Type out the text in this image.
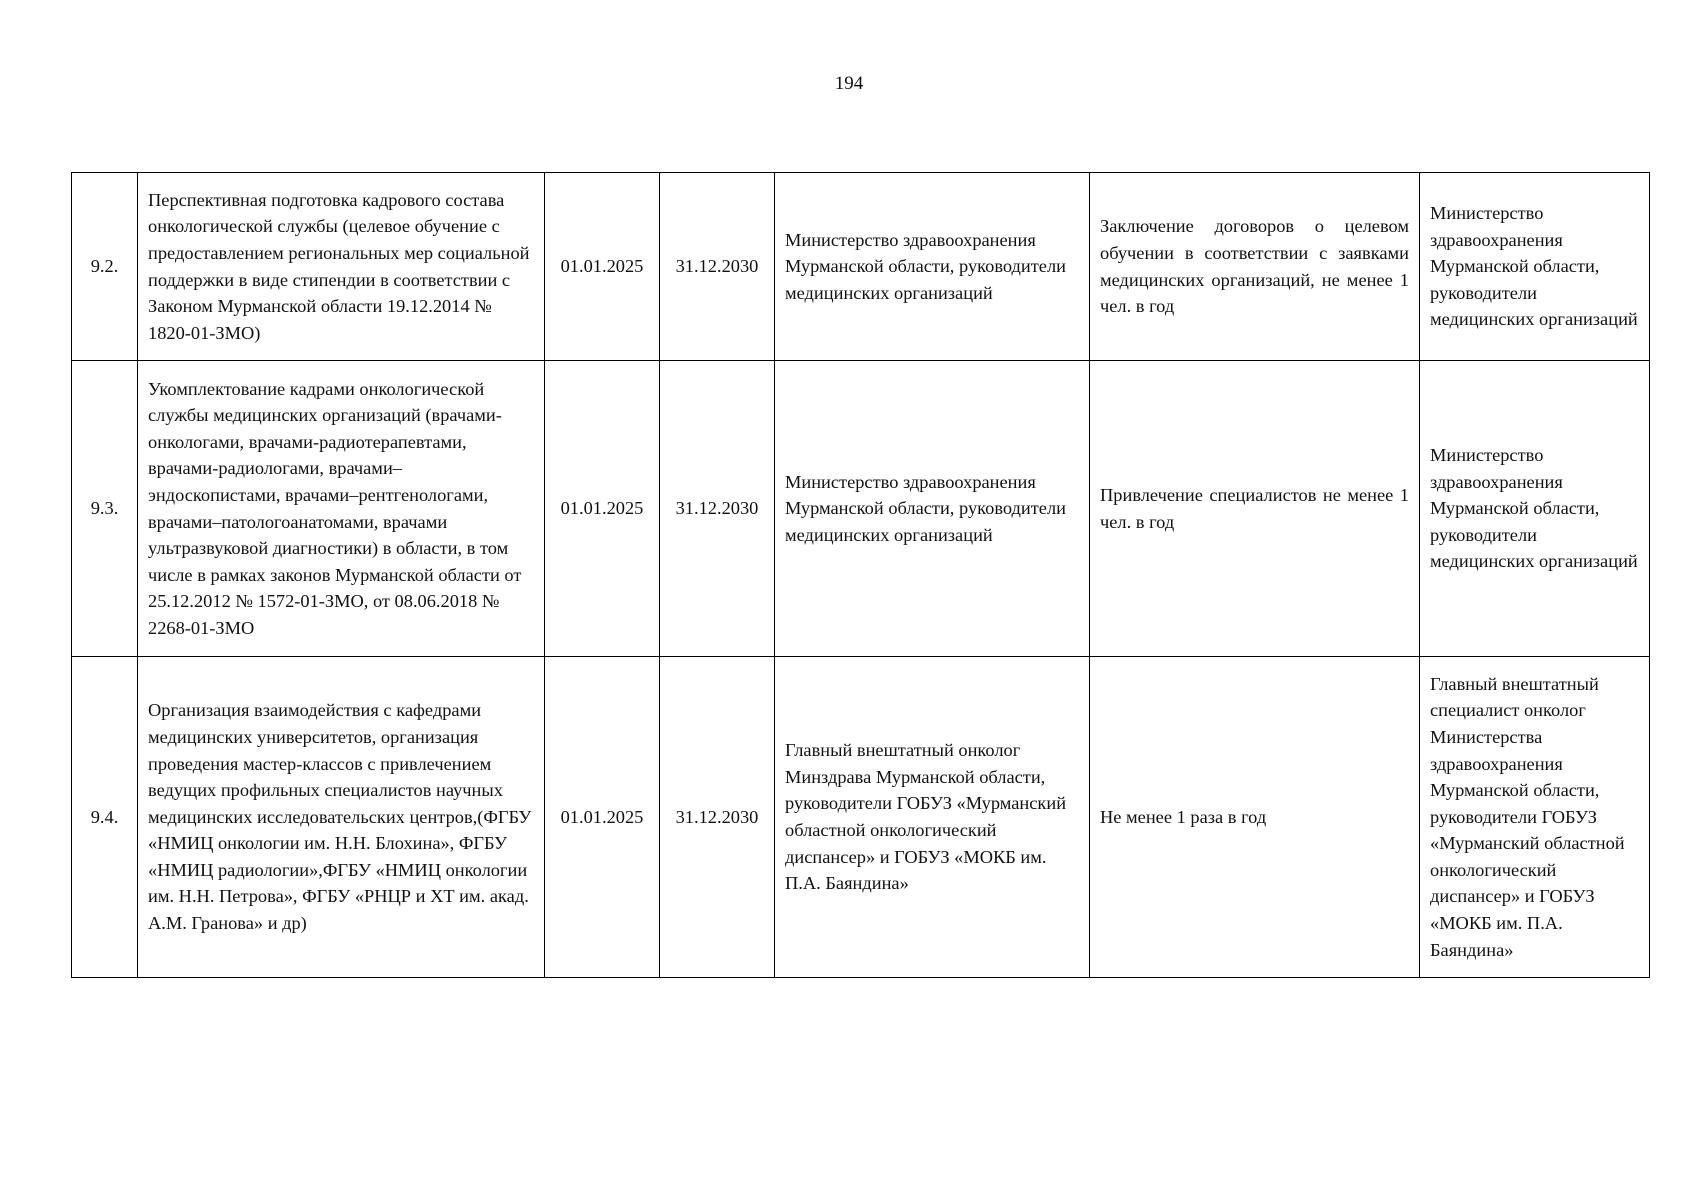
194
9.2.	Перспективная подготовка кадрового состава онкологической службы (целевое обучение с предоставлением региональных мер социальной поддержки в виде стипендии в соответствии с Законом Мурманской области 19.12.2014 № 1820-01-ЗМО)	01.01.2025	31.12.2030	Министерство здравоохранения Мурманской области, руководители медицинских организаций	Заключение договоров о целевом обучении в соответствии с заявками медицинских организаций, не менее 1 чел. в год	Министерство здравоохранения Мурманской области, руководители медицинских организаций
9.3.	Укомплектование кадрами онкологической службы медицинских организаций (врачами-онкологами, врачами-радиотерапевтами, врачами-радиологами, врачами–эндоскопистами, врачами–рентгенологами, врачами–патологоанатомами, врачами ультразвуковой диагностики) в области, в том числе в рамках законов Мурманской области от 25.12.2012 № 1572-01-ЗМО, от 08.06.2018 № 2268-01-ЗМО	01.01.2025	31.12.2030	Министерство здравоохранения Мурманской области, руководители медицинских организаций	Привлечение специалистов не менее 1 чел. в год	Министерство здравоохранения Мурманской области, руководители медицинских организаций
9.4.	Организация взаимодействия с кафедрами медицинских университетов, организация проведения мастер-классов с привлечением ведущих профильных специалистов научных медицинских исследовательских центров,(ФГБУ «НМИЦ онкологии им. Н.Н. Блохина», ФГБУ «НМИЦ радиологии»,ФГБУ «НМИЦ онкологии им. Н.Н. Петрова», ФГБУ «РНЦР и ХТ им. акад. А.М. Гранова» и др)	01.01.2025	31.12.2030	Главный внештатный онколог Минздрава Мурманской области, руководители ГОБУЗ «Мурманский областной онкологический диспансер» и ГОБУЗ «МОКБ им. П.А. Баяндина»	Не менее 1 раза в год	Главный внештатный специалист онколог Министерства здравоохранения Мурманской области, руководители ГОБУЗ «Мурманский областной онкологический диспансер» и ГОБУЗ «МОКБ им. П.А. Баяндина»
